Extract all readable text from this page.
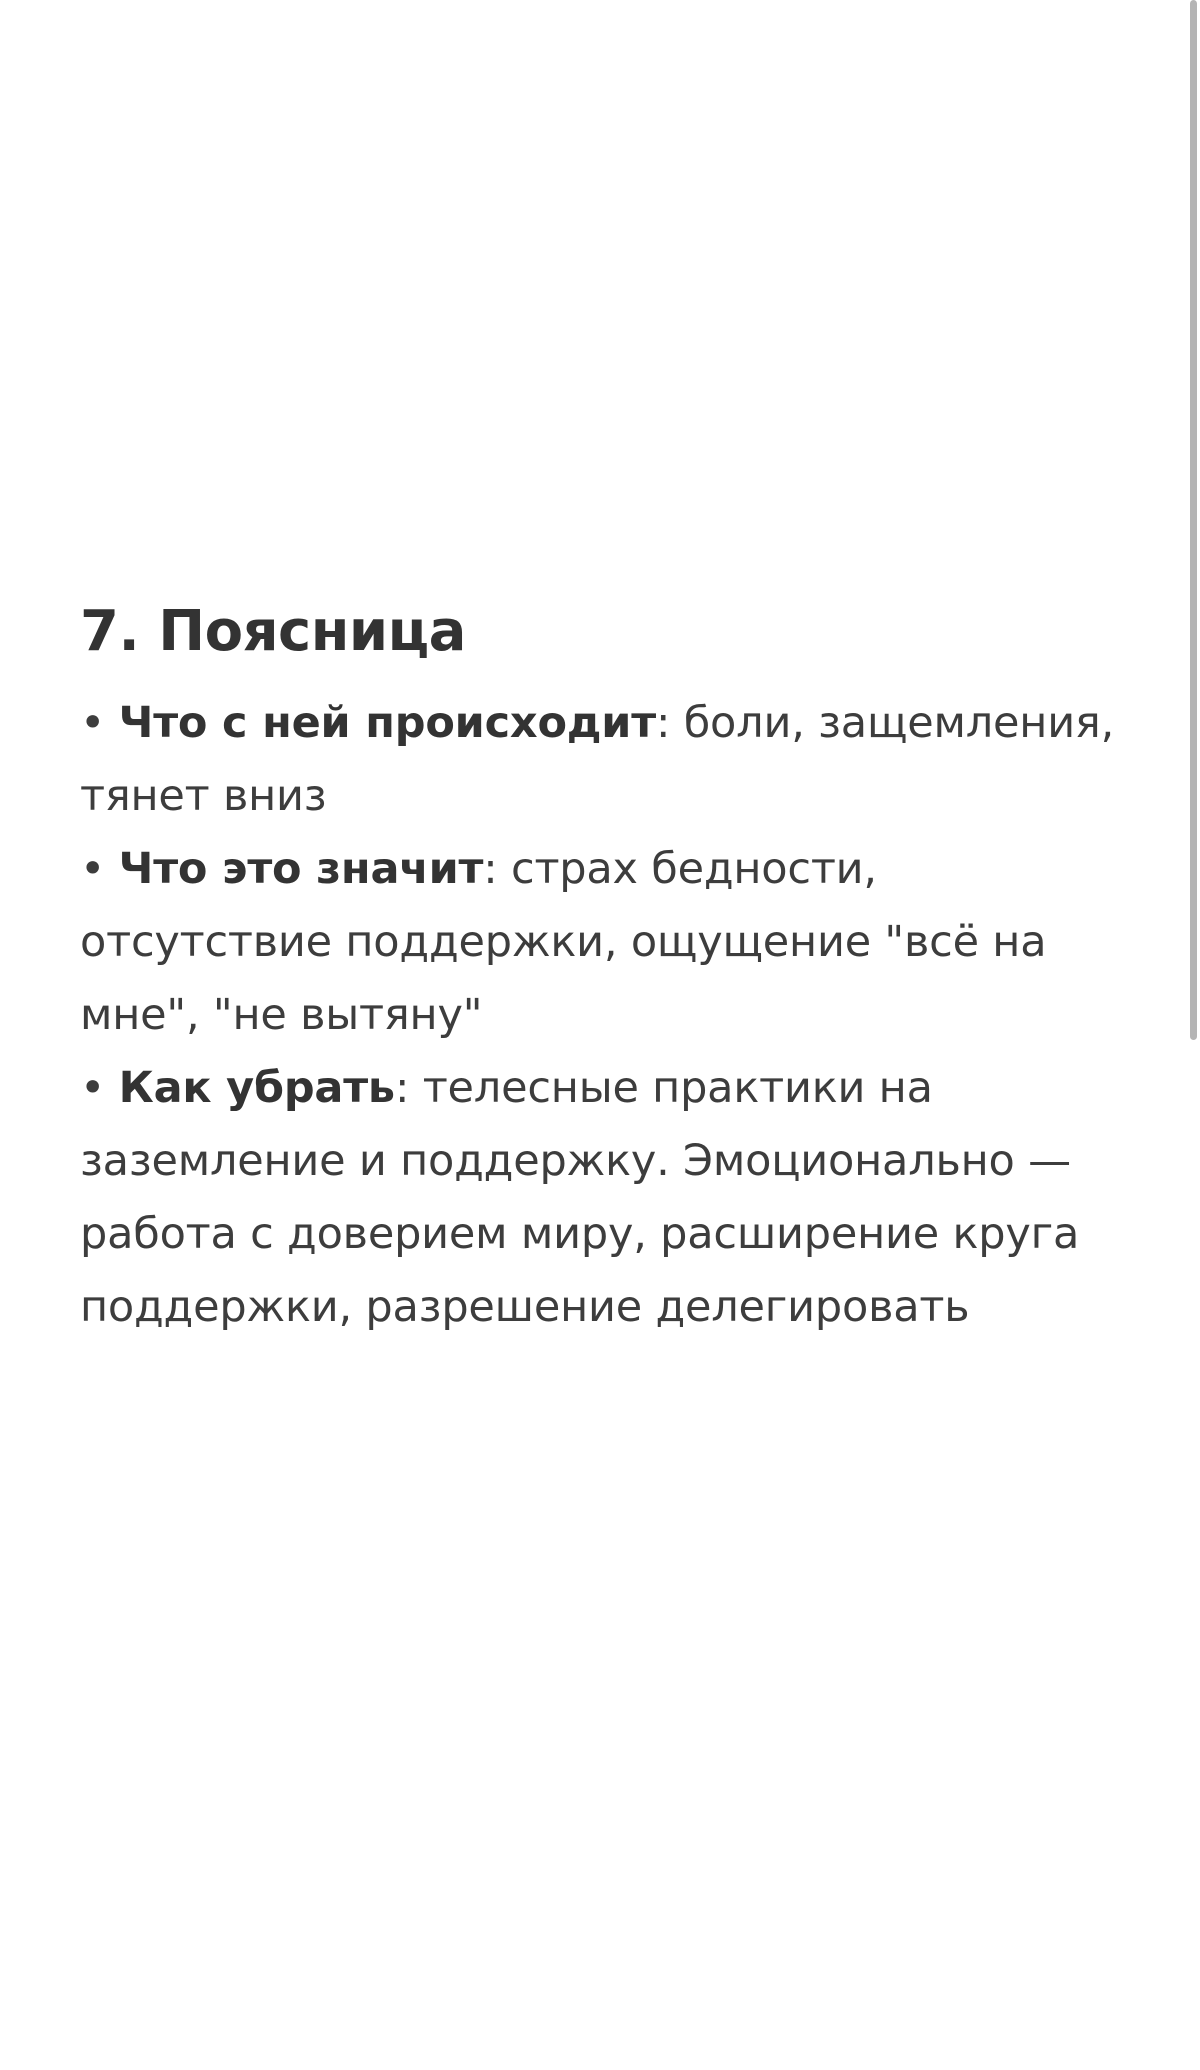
7. Поясница

• Что с ней происходит: боли, защемления, тянет вниз

• Что это значит: страх бедности, отсутствие поддержки, ощущение "всё на мне", "не вытяну"

• Как убрать: телесные практики на заземление и поддержку. Эмоционально — работа с доверием миру, расширение круга поддержки, разрешение делегировать
